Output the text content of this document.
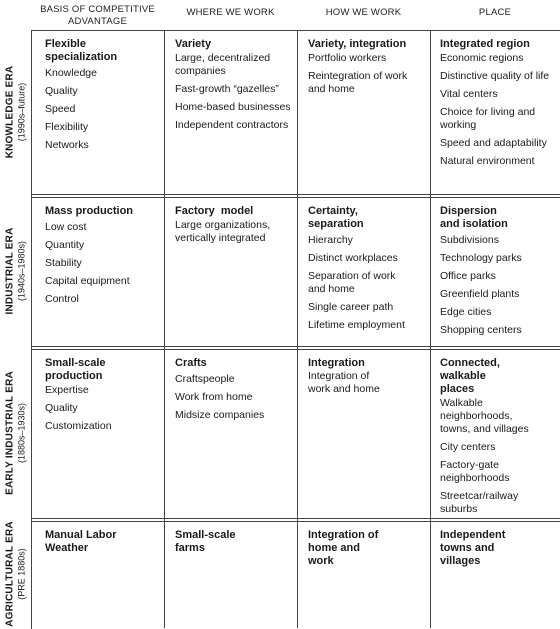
BASIS OF COMPETITIVE ADVANTAGE
WHERE WE WORK	HOW WE WORK	PLACE
KNOWLEDGE ERA (1990s–future)
INDUSTRIAL ERA (1940s–1980s)
EARLY INDUSTRIAL ERA (1880s–1930s)
AGRICULTURAL ERA (PRE 1880s)
Flexible specialization
Knowledge
Quality
Speed
Flexibility
Networks
Variety
Large, decentralized companies
Fast-growth “gazelles”
Home-based businesses
Independent contractors
Variety, integration
Portfolio workers
Reintegration of work and home
Integrated region
Economic regions
Distinctive quality of life
Vital centers
Choice for living and working
Speed and adaptability
Natural environment
Mass production
Low cost
Quantity
Stability
Capital equipment
Control
Factory  model
Large organizations, vertically integrated
Certainty, separation
Hierarchy
Distinct workplaces
Separation of work and home
Single career path
Lifetime employment
Dispersion and isolation
Subdivisions
Technology parks
Office parks
Greenfield plants
Edge cities
Shopping centers
Small-scale production
Expertise
Quality
Customization
Crafts
Craftspeople
Work from home
Midsize companies
Integration
Integration of work and home
Connected, walkable places
Walkable neighborhoods, towns, and villages
City centers
Factory-gate neighborhoods
Streetcar/railway suburbs
Manual Labor Weather
Small-scale farms
Integration of home and work
Independent towns and villages
